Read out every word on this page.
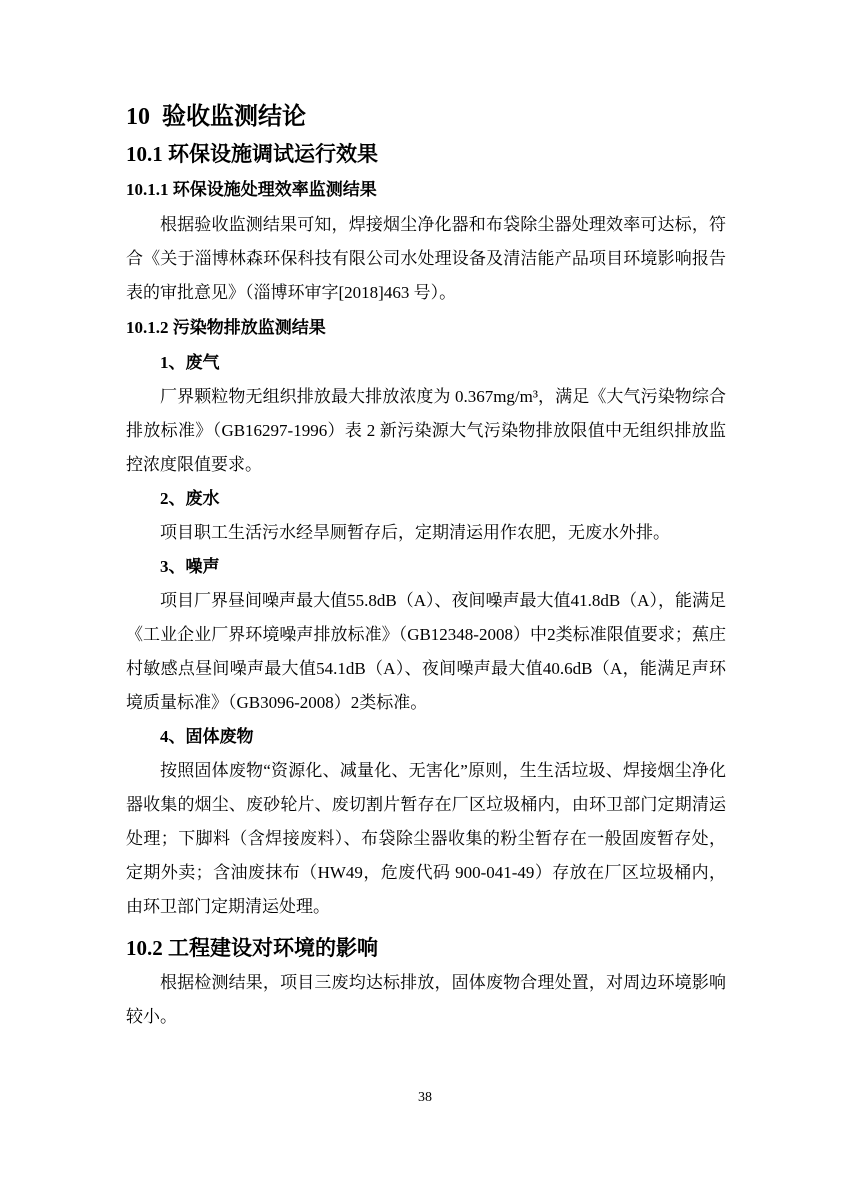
10  验收监测结论
10.1 环保设施调试运行效果
10.1.1 环保设施处理效率监测结果

根据验收监测结果可知，焊接烟尘净化器和布袋除尘器处理效率可达标，符合《关于淄博林森环保科技有限公司水处理设备及清洁能产品项目环境影响报告表的审批意见》（淄博环审字[2018]463 号）。

10.1.2 污染物排放监测结果

1、废气

厂界颗粒物无组织排放最大排放浓度为 0.367mg/m³，满足《大气污染物综合排放标准》（GB16297-1996）表 2 新污染源大气污染物排放限值中无组织排放监控浓度限值要求。

2、废水

项目职工生活污水经旱厕暂存后，定期清运用作农肥，无废水外排。

3、噪声

项目厂界昼间噪声最大值55.8dB（A）、夜间噪声最大值41.8dB（A），能满足《工业企业厂界环境噪声排放标准》（GB12348-2008）中2类标准限值要求；蕉庄村敏感点昼间噪声最大值54.1dB（A）、夜间噪声最大值40.6dB（A，能满足声环境质量标准》（GB3096-2008）2类标准。

4、固体废物

按照固体废物“资源化、减量化、无害化”原则，生生活垃圾、焊接烟尘净化器收集的烟尘、废砂轮片、废切割片暂存在厂区垃圾桶内，由环卫部门定期清运处理；下脚料（含焊接废料）、布袋除尘器收集的粉尘暂存在一般固废暂存处，定期外卖；含油废抹布（HW49，危废代码 900-041-49）存放在厂区垃圾桶内，由环卫部门定期清运处理。

10.2 工程建设对环境的影响

根据检测结果，项目三废均达标排放，固体废物合理处置，对周边环境影响较小。

38
